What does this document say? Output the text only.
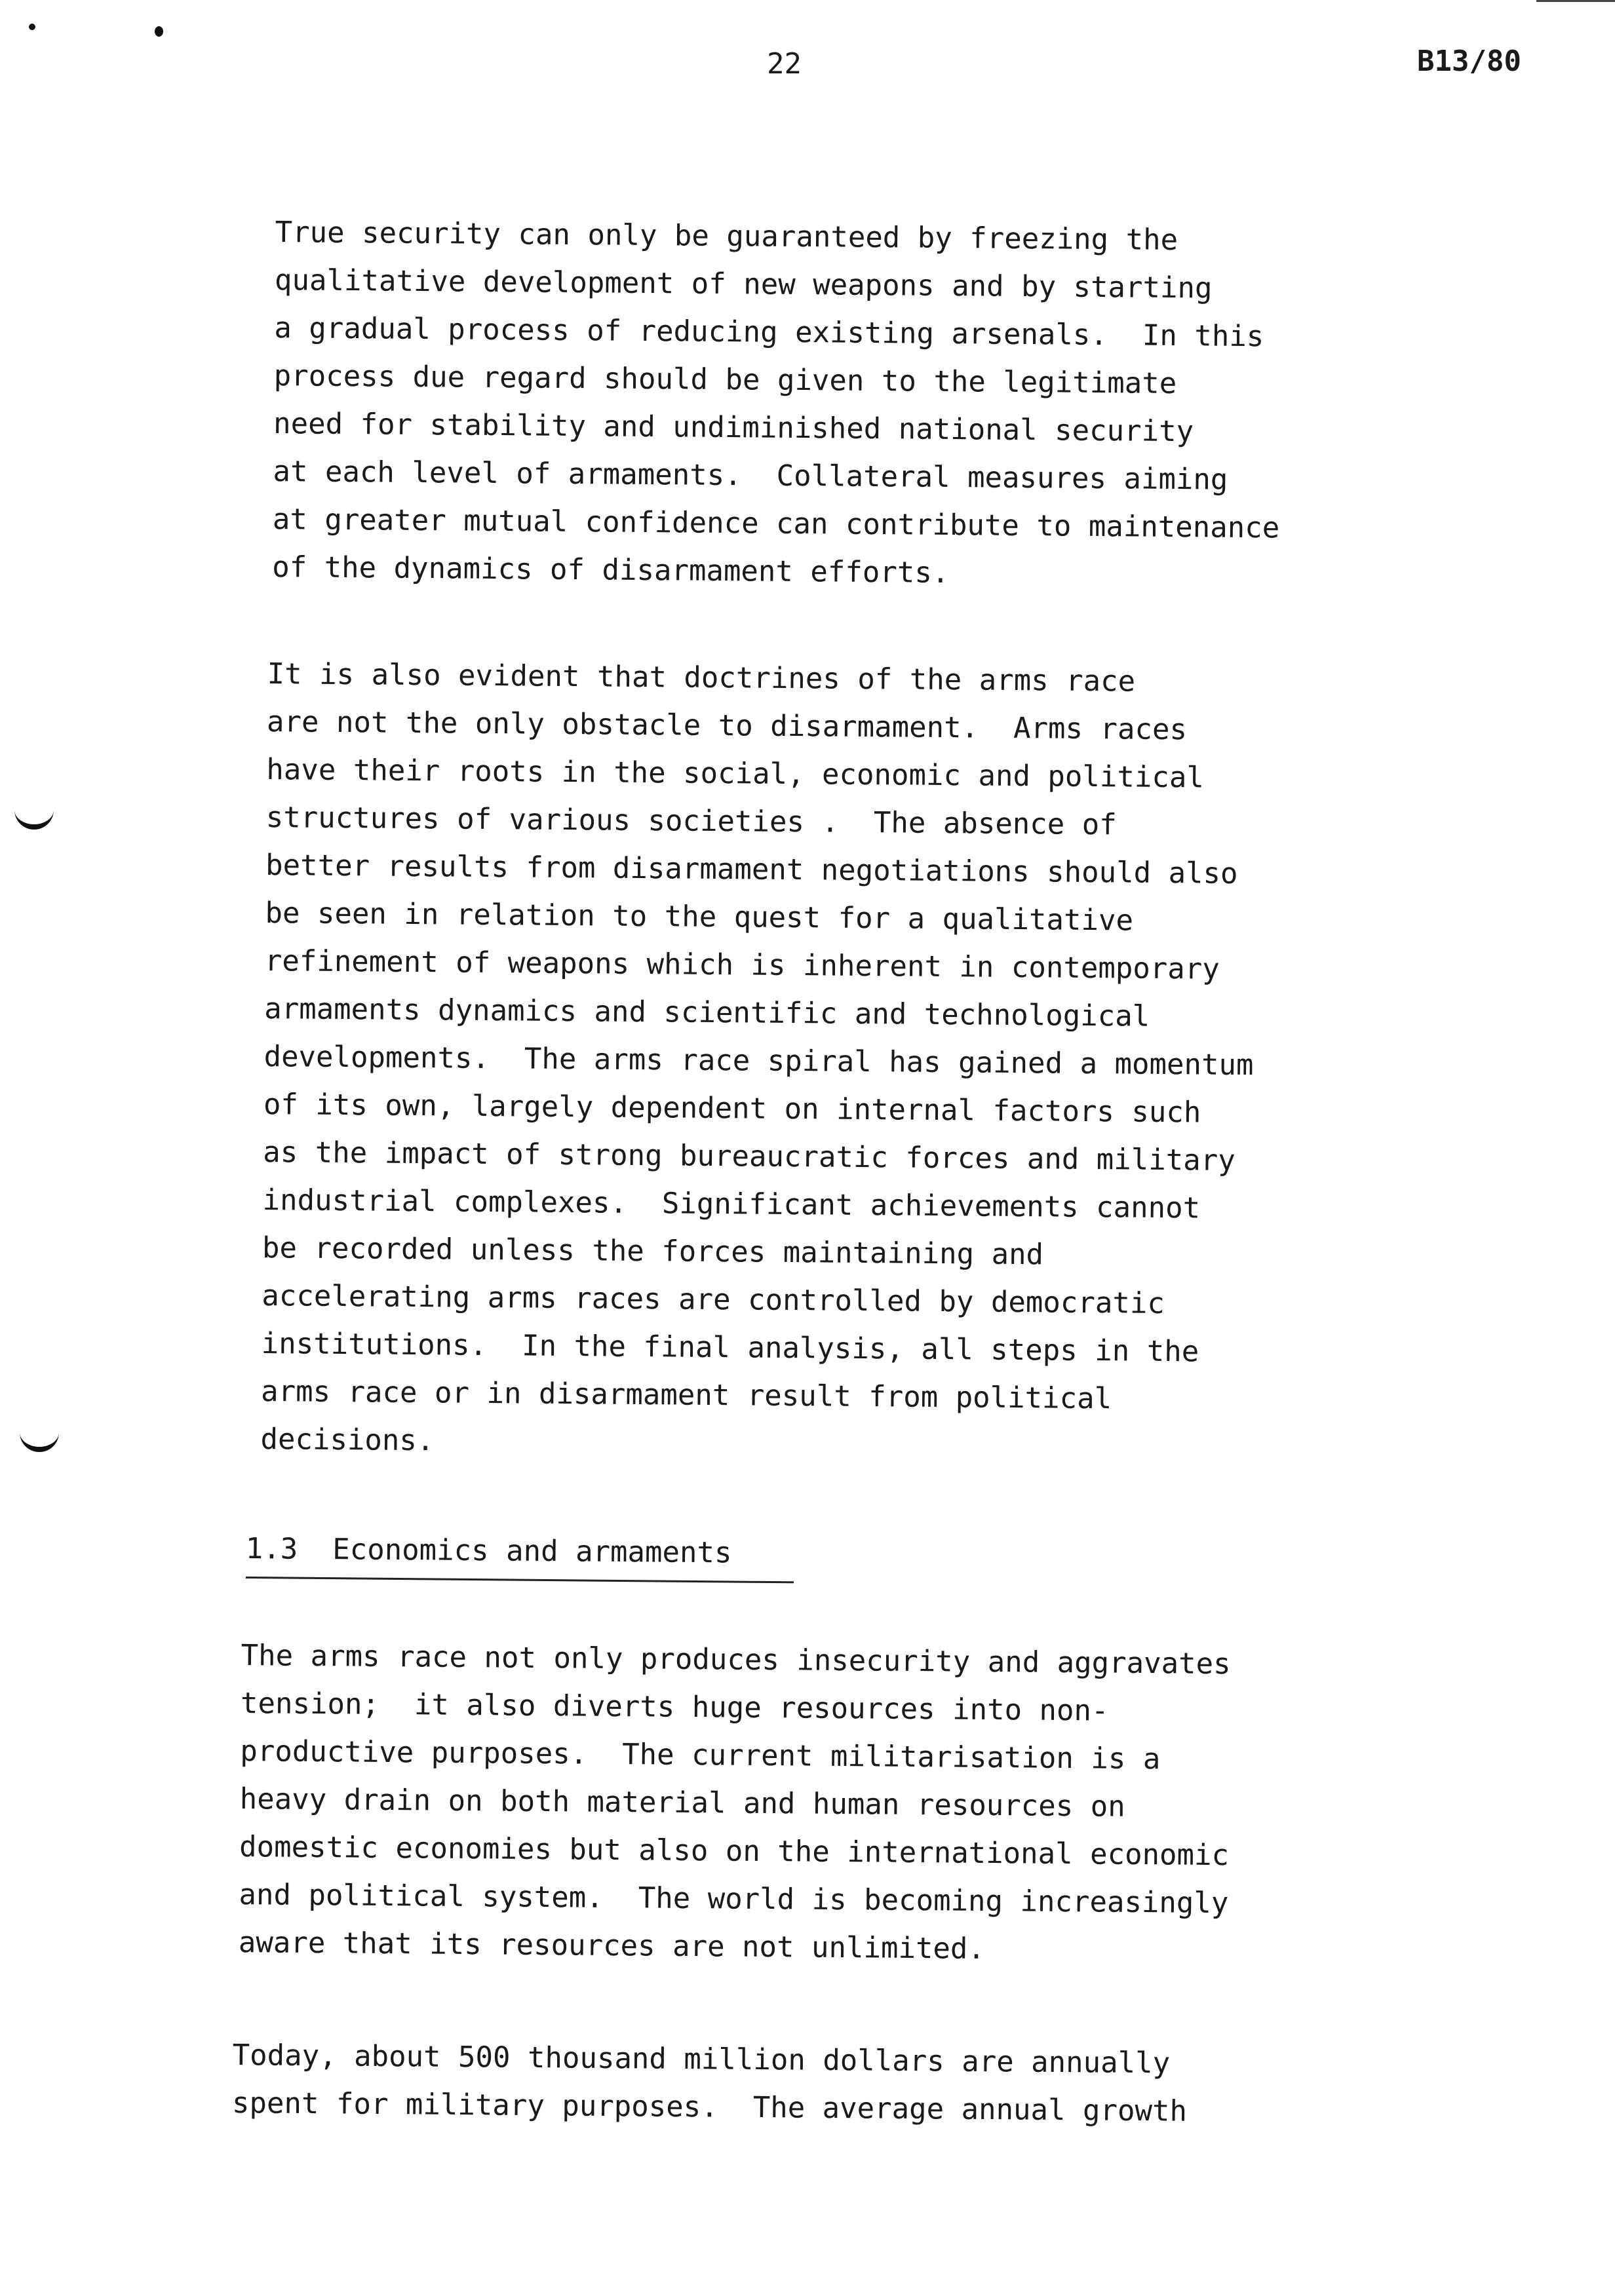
22	B13/80
True security can only be guaranteed by freezing the
qualitative development of new weapons and by starting
a gradual process of reducing existing arsenals.  In this
process due regard should be given to the legitimate
need for stability and undiminished national security
at each level of armaments.  Collateral measures aiming
at greater mutual confidence can contribute to maintenance
of the dynamics of disarmament efforts.
It is also evident that doctrines of the arms race
are not the only obstacle to disarmament.  Arms races
have their roots in the social, economic and political
structures of various societies .  The absence of
better results from disarmament negotiations should also
be seen in relation to the quest for a qualitative
refinement of weapons which is inherent in contemporary
armaments dynamics and scientific and technological
developments.  The arms race spiral has gained a momentum
of its own, largely dependent on internal factors such
as the impact of strong bureaucratic forces and military
industrial complexes.  Significant achievements cannot
be recorded unless the forces maintaining and
accelerating arms races are controlled by democratic
institutions.  In the final analysis, all steps in the
arms race or in disarmament result from political
decisions.
1.3  Economics and armaments
The arms race not only produces insecurity and aggravates
tension;  it also diverts huge resources into non-
productive purposes.  The current militarisation is a
heavy drain on both material and human resources on
domestic economies but also on the international economic
and political system.  The world is becoming increasingly
aware that its resources are not unlimited.
Today, about 500 thousand million dollars are annually
spent for military purposes.  The average annual growth
